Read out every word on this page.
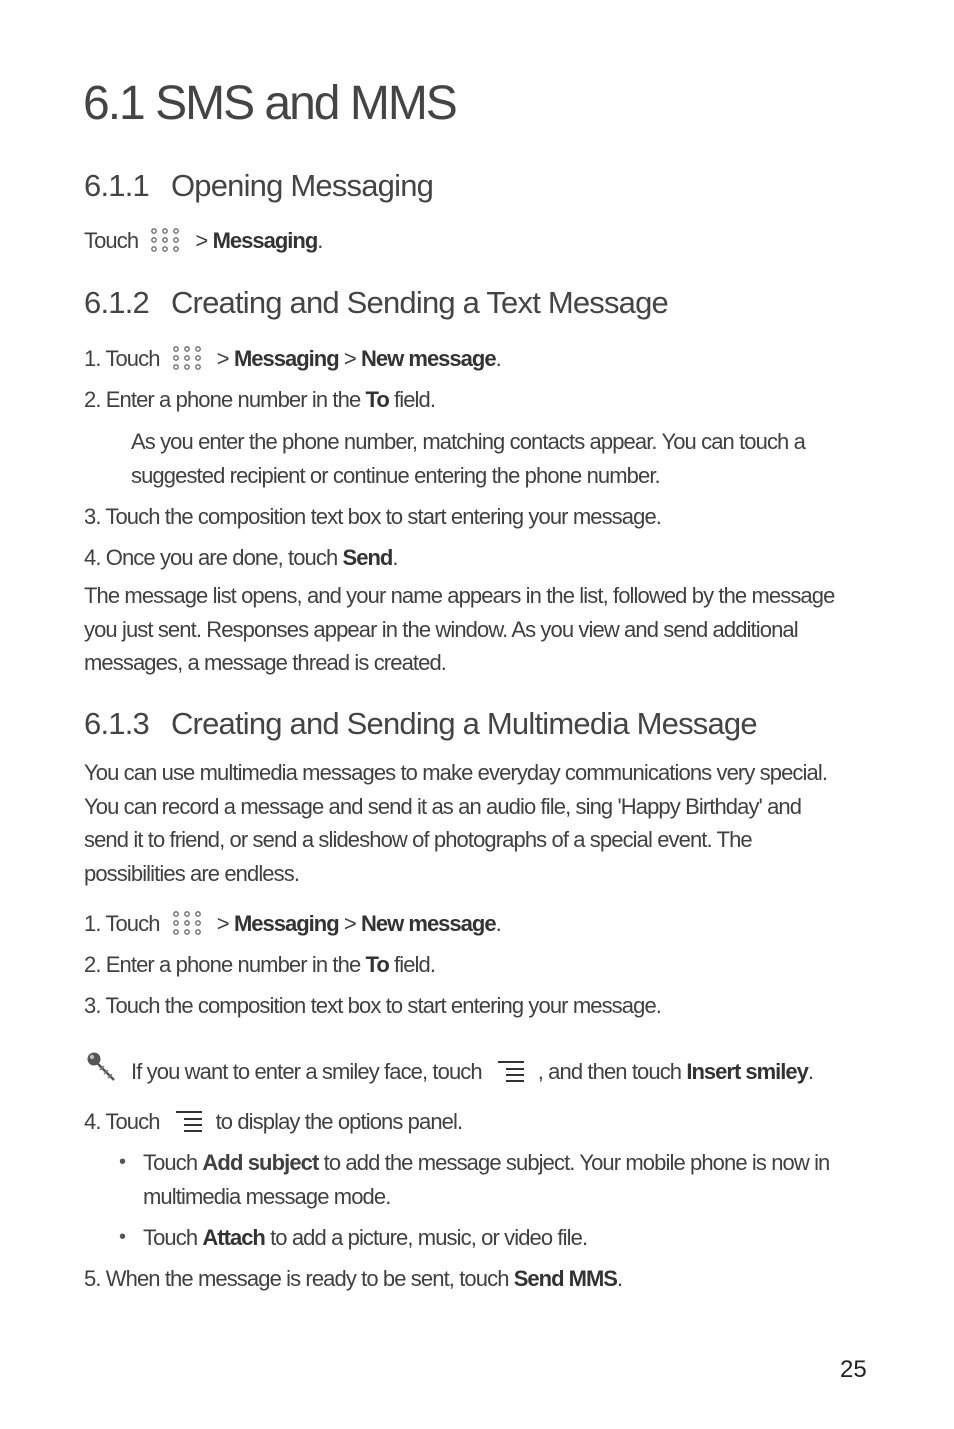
6.1 SMS and MMS
6.1.1 Opening Messaging
Touch > Messaging.
6.1.2 Creating and Sending a Text Message
1. Touch > Messaging > New message.
2. Enter a phone number in the To field.
As you enter the phone number, matching contacts appear. You can touch a
suggested recipient or continue entering the phone number.
3. Touch the composition text box to start entering your message.
4. Once you are done, touch Send.
The message list opens, and your name appears in the list, followed by the message
you just sent. Responses appear in the window. As you view and send additional
messages, a message thread is created.
6.1.3 Creating and Sending a Multimedia Message
You can use multimedia messages to make everyday communications very special.
You can record a message and send it as an audio file, sing 'Happy Birthday' and
send it to friend, or send a slideshow of photographs of a special event. The
possibilities are endless.
1. Touch > Messaging > New message.
2. Enter a phone number in the To field.
3. Touch the composition text box to start entering your message.
If you want to enter a smiley face, touch	, and then touch Insert smiley.
4. Touch	to display the options panel.
• Touch Add subject to add the message subject. Your mobile phone is now in
multimedia message mode.
• Touch Attach to add a picture, music, or video file.
5. When the message is ready to be sent, touch Send MMS.
25
